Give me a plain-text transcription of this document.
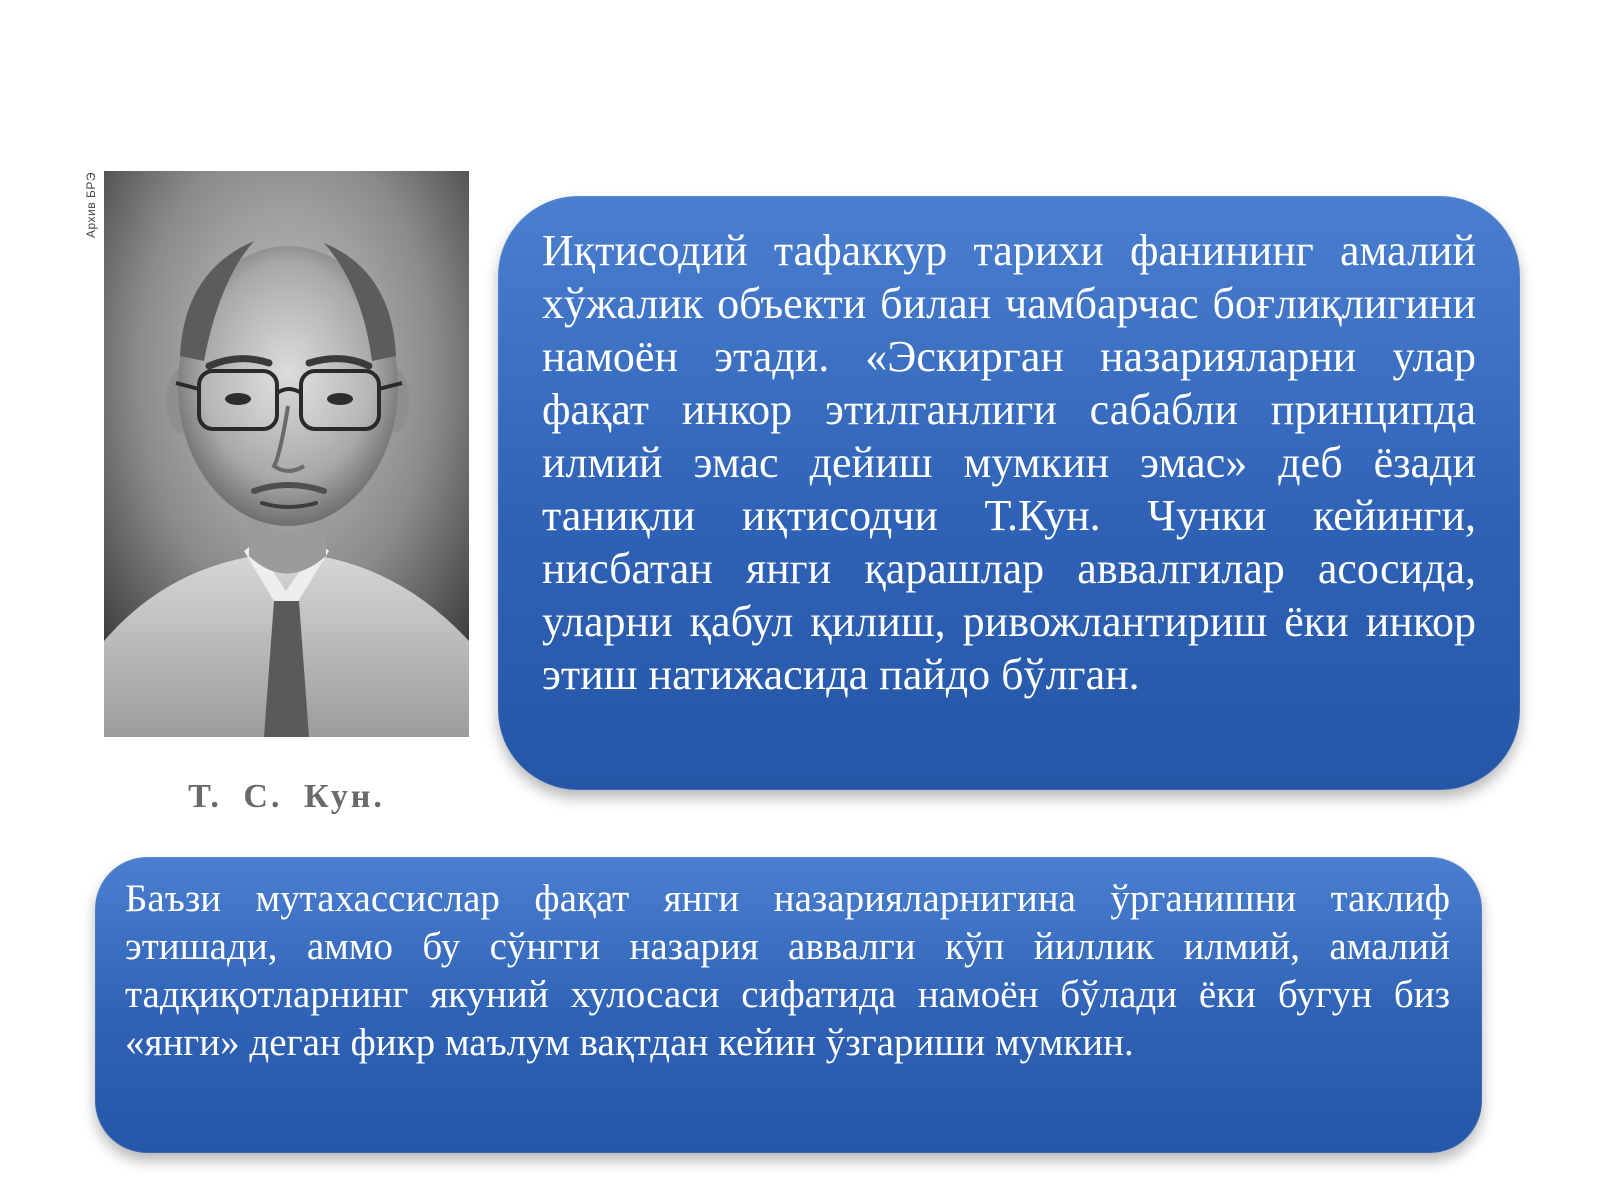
Архив БРЭ
Т. С. Кун.
Иқтисодий тафаккур тарихи фанининг амалий хўжалик объекти билан чамбарчас боғлиқлигини намоён этади. «Эскирган назарияларни улар фақат инкор этилганлиги сабабли принципда илмий эмас дейиш мумкин эмас» деб ёзади таниқли иқтисодчи Т.Кун. Чунки кейинги, нисбатан янги қарашлар аввалгилар асосида, уларни қабул қилиш, ривожлантириш ёки инкор этиш натижасида пайдо бўлган.
Баъзи мутахассислар фақат янги назарияларнигина ўрганишни таклиф этишади, аммо бу сўнгги назария аввалги кўп йиллик илмий, амалий тадқиқотларнинг якуний хулосаси сифатида намоён бўлади ёки бугун биз «янги» деган фикр маълум вақтдан кейин ўзгариши мумкин.
